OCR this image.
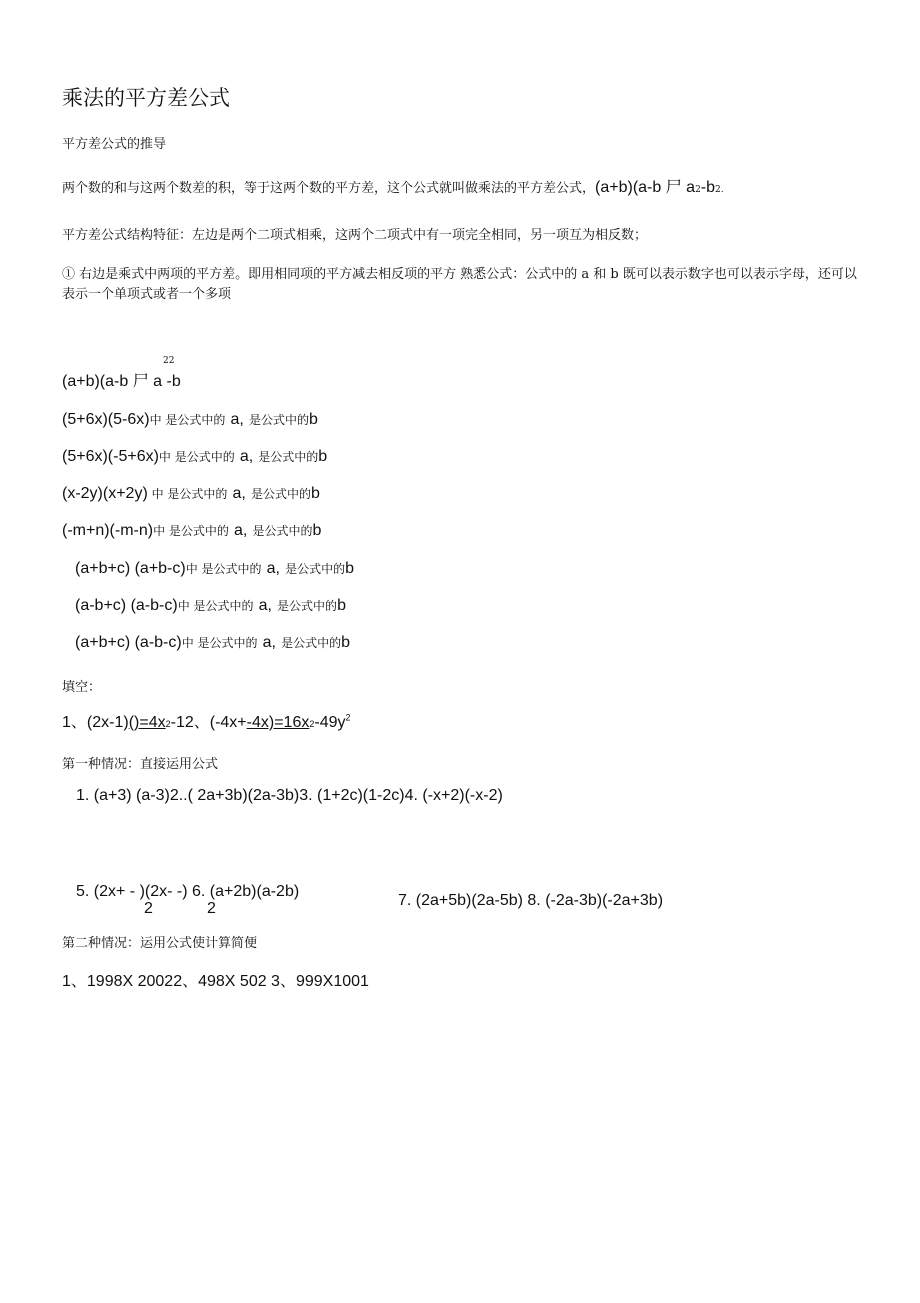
乘法的平方差公式
平方差公式的推导
两个数的和与这两个数差的积，等于这两个数的平方差，这个公式就叫做乘法的平方差公式，(a+b)(a-b 尸 a2-b2.
平方差公式结构特征：左边是两个二项式相乘，这两个二项式中有一项完全相同，另一项互为相反数；
① 右边是乘式中两项的平方差。即用相同项的平方减去相反项的平方 熟悉公式：公式中的 a 和 b 既可以表示数字也可以表示字母，还可以表示一个单项式或者一个多项
22
(a+b)(a-b 尸 a -b
(5+6x)(5-6x)中 是公式中的 a, 是公式中的b
(5+6x)(-5+6x)中 是公式中的 a, 是公式中的b
(x-2y)(x+2y) 中 是公式中的 a, 是公式中的b
(-m+n)(-m-n)中 是公式中的 a, 是公式中的b
(a+b+c) (a+b-c)中 是公式中的 a, 是公式中的b
(a-b+c) (a-b-c)中 是公式中的 a, 是公式中的b
(a+b+c) (a-b-c)中 是公式中的 a, 是公式中的b
填空：
1、(2x-1)()=4x2-12、$(-4x+-4x)=16x2-49y^2$
第一种情况：直接运用公式
1. (a+3) (a-3)2..( 2a+3b)(2a-3b)3. (1+2c)(1-2c)4. (-x+2)(-x-2)
5. (2x+ - )(2x- -) 6. (a+2b)(a-2b)
2	2	7. (2a+5b)(2a-5b) 8. (-2a-3b)(-2a+3b)
第二种情况：运用公式使计算简便
1、1998X 20022、498X 502 3、999X1001
